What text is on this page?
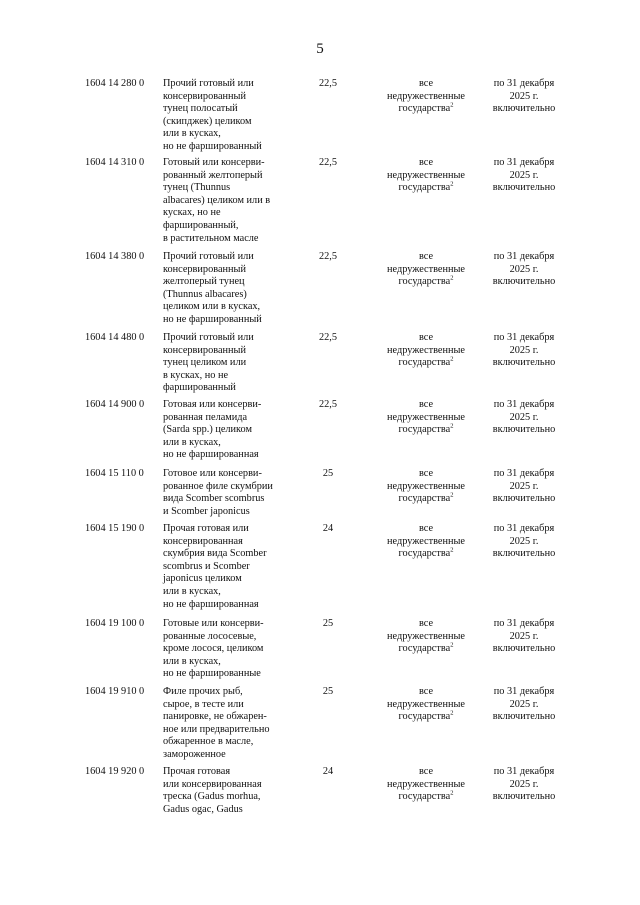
5
1604 14 280 0	Прочий готовый или
консервированный
тунец полосатый
(скипджек) целиком
или в кусках,
но не фаршированный
22,5	все
недружественные
государства$^2$
по 31 декабря
2025 г.
включительно
1604 14 310 0	Готовый или консерви-
рованный желтоперый
тунец (Thunnus
albacares) целиком или в
кусках, но не
фаршированный,
в растительном масле
22,5	все
недружественные
государства$^2$
по 31 декабря
2025 г.
включительно
1604 14 380 0	Прочий готовый или
консервированный
желтоперый тунец
(Thunnus albacares)
целиком или в кусках,
но не фаршированный
22,5	все
недружественные
государства$^2$
по 31 декабря
2025 г.
включительно
1604 14 480 0	Прочий готовый или
консервированный
тунец целиком или
в кусках, но не
фаршированный
22,5	все
недружественные
государства$^2$
по 31 декабря
2025 г.
включительно
1604 14 900 0	Готовая или консерви-
рованная пеламида
(Sarda spp.) целиком
или в кусках,
но не фаршированная
22,5	все
недружественные
государства$^2$
по 31 декабря
2025 г.
включительно
1604 15 110 0	Готовое или консерви-
рованное филе скумбрии
вида Scomber scombrus
и Scomber japonicus
25	все
недружественные
государства$^2$
по 31 декабря
2025 г.
включительно
1604 15 190 0	Прочая готовая или
консервированная
скумбрия вида Scomber
scombrus и Scomber
japonicus целиком
или в кусках,
но не фаршированная
24	все
недружественные
государства$^2$
по 31 декабря
2025 г.
включительно
1604 19 100 0	Готовые или консерви-
рованные лососевые,
кроме лосося, целиком
или в кусках,
но не фаршированные
25	все
недружественные
государства$^2$
по 31 декабря
2025 г.
включительно
1604 19 910 0	Филе прочих рыб,
сырое, в тесте или
панировке, не обжарен-
ное или предварительно
обжаренное в масле,
замороженное
25	все
недружественные
государства$^2$
по 31 декабря
2025 г.
включительно
1604 19 920 0	Прочая готовая
или консервированная
треска (Gadus morhua,
Gadus ogac, Gadus
24	все
недружественные
государства$^2$
по 31 декабря
2025 г.
включительно
